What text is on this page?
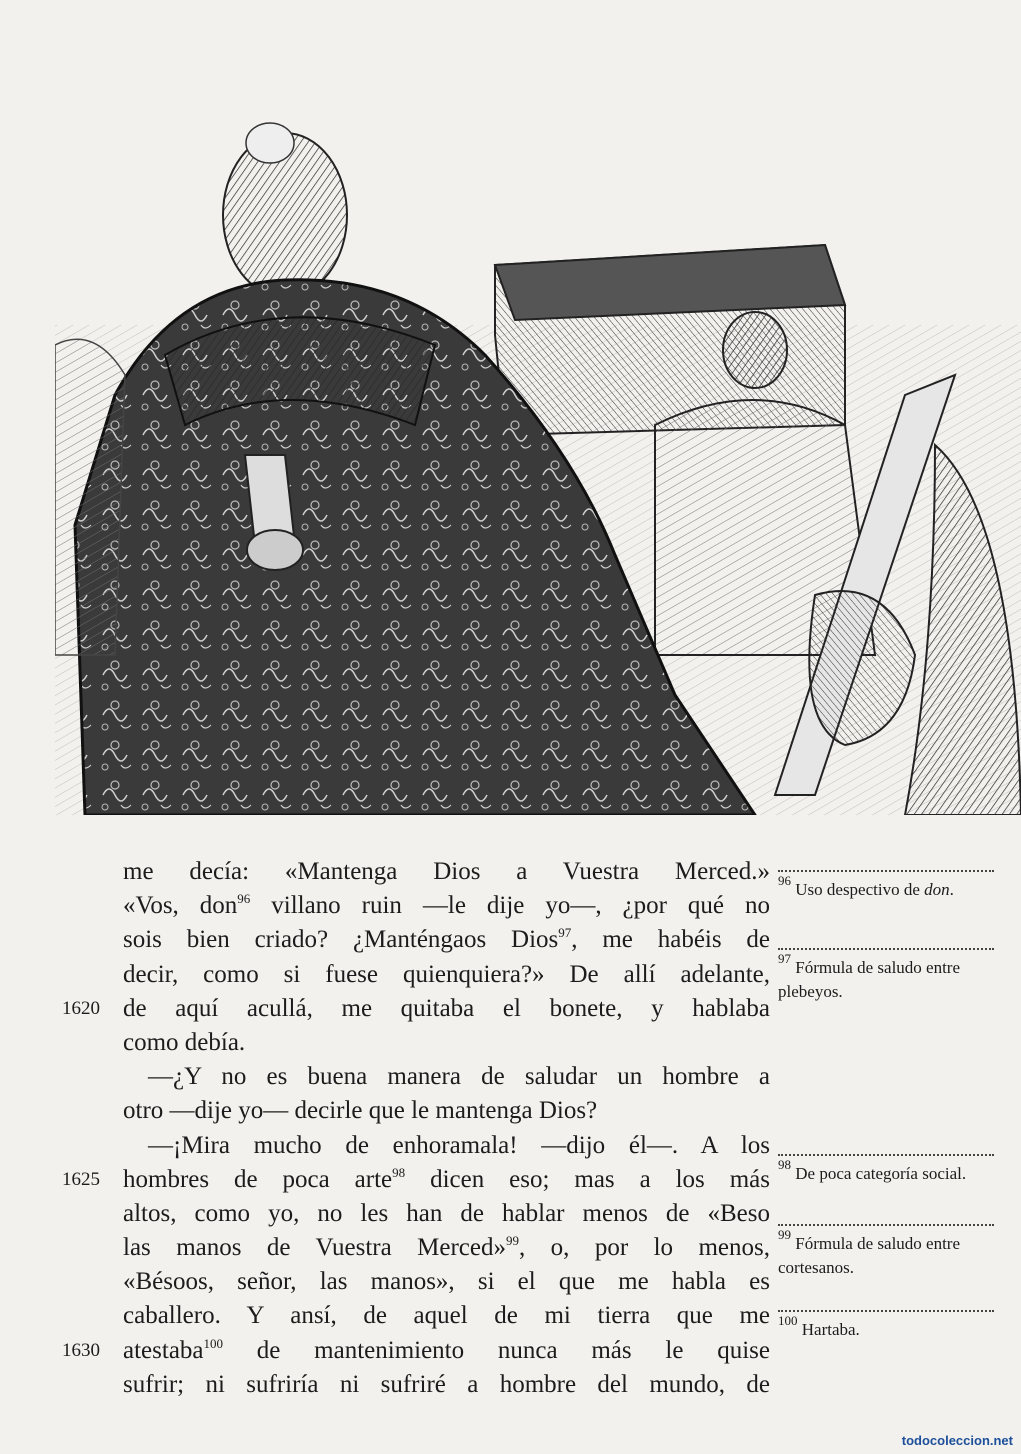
1620
1625
1630
me decía: «Mantenga Dios a Vuestra Merced.»
«Vos, don$^{96}$ villano ruin —le dije yo—, ¿por qué no
sois bien criado? ¿Manténgaos Dios$^{97}$, me habéis de
decir, como si fuese quienquiera?» De allí adelante,
de aquí acullá, me quitaba el bonete, y hablaba
como debía.
—¿Y no es buena manera de saludar un hombre a
otro —dije yo— decirle que le mantenga Dios?
—¡Mira mucho de enhoramala! —dijo él—. A los
hombres de poca arte$^{98}$ dicen eso; mas a los más
altos, como yo, no les han de hablar menos de «Beso
las manos de Vuestra Merced»$^{99}$, o, por lo menos,
«Bésoos, señor, las manos», si el que me habla es
caballero. Y ansí, de aquel de mi tierra que me
atestaba$^{100}$ de mantenimiento nunca más le quise
sufrir; ni sufriría ni sufriré a hombre del mundo, de
$^{96}$ Uso despectivo de don.
$^{97}$ Fórmula de saludo entre plebeyos.
$^{98}$ De poca categoría social.
$^{99}$ Fórmula de saludo entre cortesanos.
$^{100}$ Hartaba.
todocoleccion.net
